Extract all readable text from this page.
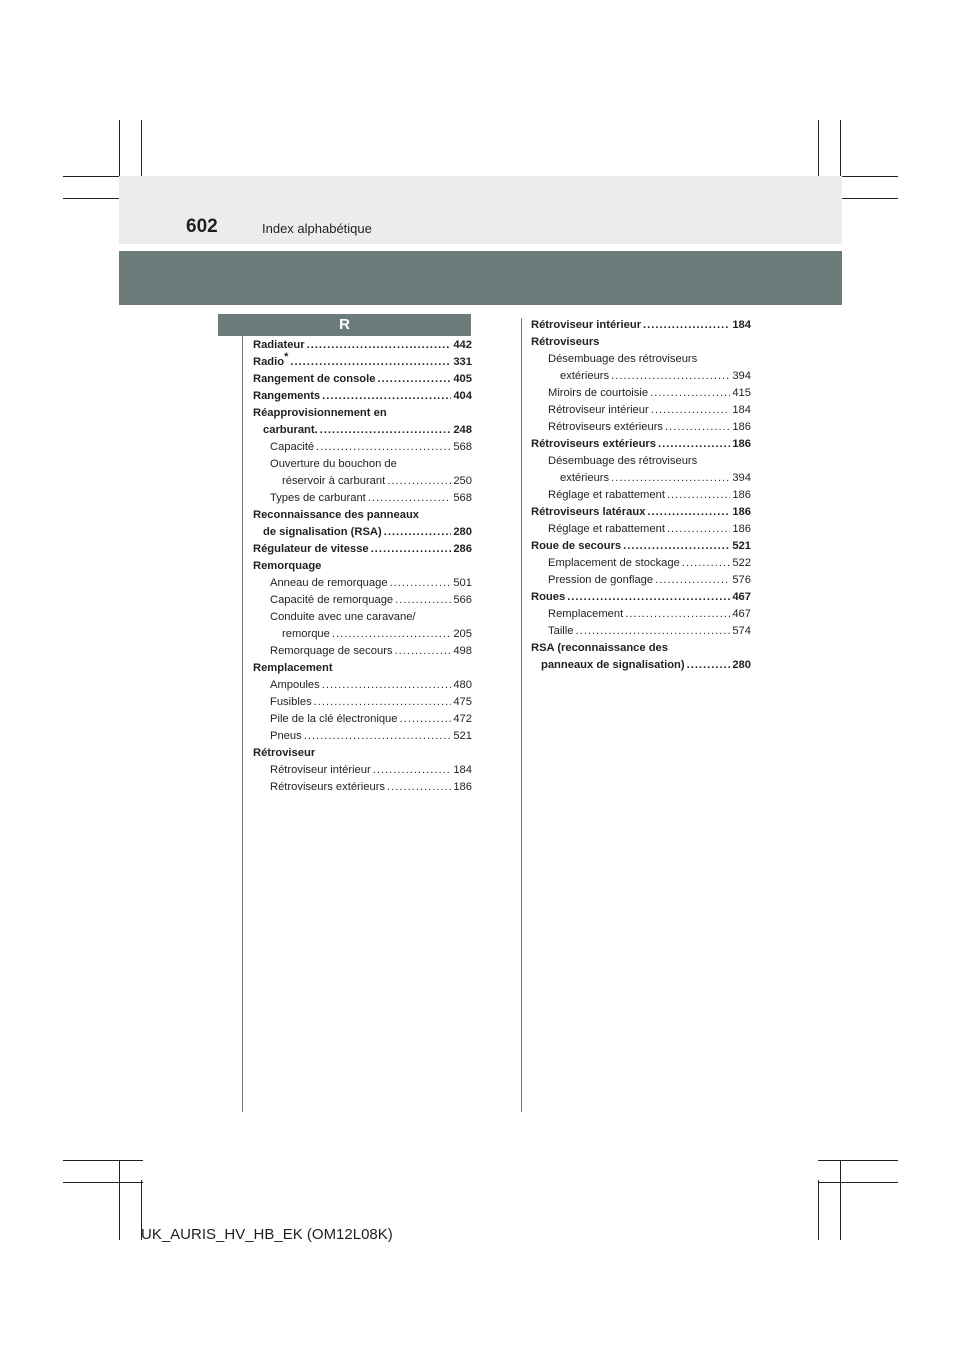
602	Index alphabétique
R
Radiateur .....	442
Radio * .....	331
Rangement de console .....	405
Rangements .....	404
Réapprovisionnement en
carburant. .....	248
Capacité .....	568
Ouverture du bouchon de
réservoir à carburant .....	250
Types de carburant .....	568
Reconnaissance des panneaux
de signalisation (RSA) .....	280
Régulateur de vitesse .....	286
Remorquage
Anneau de remorquage .....	501
Capacité de remorquage .....	566
Conduite avec une caravane/
remorque .....	205
Remorquage de secours .....	498
Remplacement
Ampoules .....	480
Fusibles .....	475
Pile de la clé électronique .....	472
Pneus .....	521
Rétroviseur
Rétroviseur intérieur .....	184
Rétroviseurs extérieurs .....	186
Rétroviseur intérieur .....	184
Rétroviseurs
Désembuage des rétroviseurs
extérieurs .....	394
Miroirs de courtoisie .....	415
Rétroviseur intérieur .....	184
Rétroviseurs extérieurs .....	186
Rétroviseurs extérieurs .....	186
Désembuage des rétroviseurs
extérieurs .....	394
Réglage et rabattement .....	186
Rétroviseurs latéraux .....	186
Réglage et rabattement .....	186
Roue de secours .....	521
Emplacement de stockage .....	522
Pression de gonflage .....	576
Roues .....	467
Remplacement .....	467
Taille .....	574
RSA (reconnaissance des
panneaux de signalisation) .....	280
UK_AURIS_HV_HB_EK (OM12L08K)
